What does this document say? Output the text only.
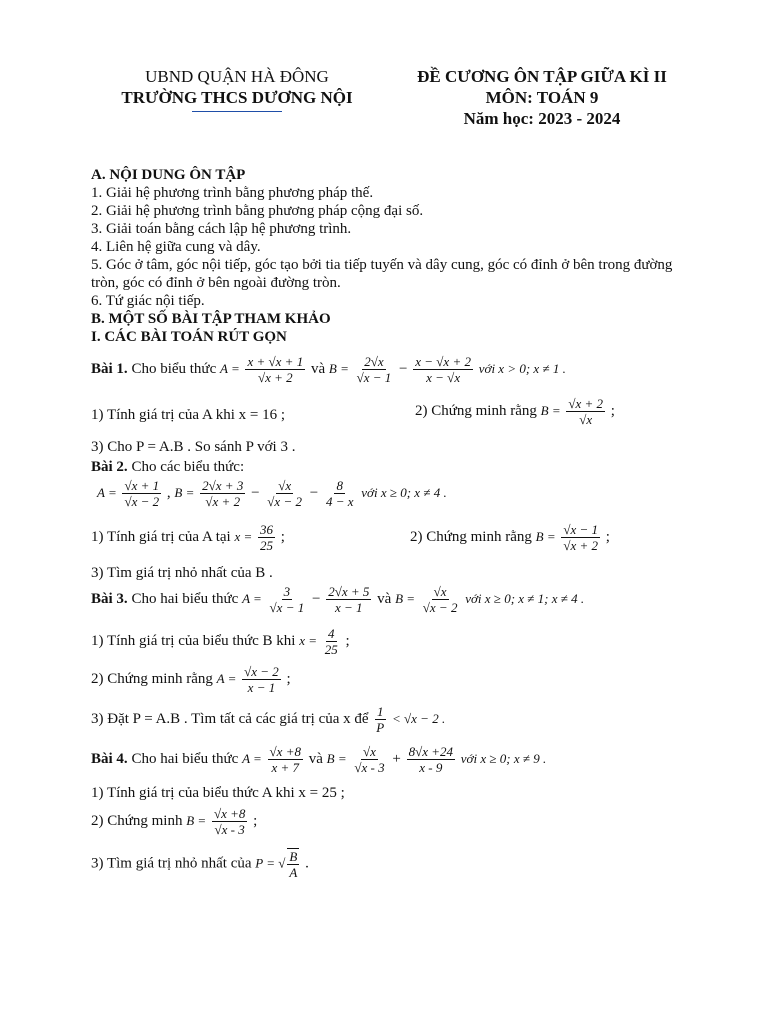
UBND QUẬN HÀ ĐÔNG
TRƯỜNG THCS DƯƠNG NỘI
ĐỀ CƯƠNG ÔN TẬP GIỮA KÌ II
MÔN: TOÁN 9
Năm học: 2023 - 2024
A. NỘI DUNG ÔN TẬP
1. Giải hệ phương trình bằng phương pháp thế.
2. Giải hệ phương trình bằng phương pháp cộng đại số.
3. Giải toán bằng cách lập hệ phương trình.
4. Liên hệ giữa cung và dây.
5. Góc ở tâm, góc nội tiếp, góc tạo bởi tia tiếp tuyến và dây cung, góc có đỉnh ở bên trong đường tròn, góc có đỉnh ở bên ngoài đường tròn.
6. Tứ giác nội tiếp.
B. MỘT SỐ BÀI TẬP THAM KHẢO
I. CÁC BÀI TOÁN RÚT GỌN
Bài 1. Cho biểu thức $A = \frac{x + √x + 1}{√x + 2}$ và $B = \frac{2√x}{√x - 1} - \frac{x - √x + 2}{x - √x}$ với x > 0; x ≠ 1 .
1) Tính giá trị của A khi x = 16 ;	2) Chứng minh rằng $B = \frac{√x + 2}{√x}$ ;
3) Cho P = A.B . So sánh P với 3 .
Bài 2. Cho các biểu thức:
$A = \frac{√x + 1}{√x - 2}$ , $B = \frac{2√x + 3}{√x + 2} - \frac{√x}{√x - 2} - \frac{8}{4 - x}$ với x ≥ 0; x ≠ 4 .
1) Tính giá trị của A tại $x = \frac{36}{25}$ ;	2) Chứng minh rằng $B = \frac{√x - 1}{√x + 2}$ ;
3) Tìm giá trị nhỏ nhất của B .
Bài 3. Cho hai biểu thức $A = \frac{3}{√x - 1} - \frac{2√x + 5}{x - 1}$ và $B = \frac{√x}{√x - 2}$ với x ≥ 0; x ≠ 1; x ≠ 4 .
1) Tính giá trị của biểu thức B khi $x = \frac{4}{25}$ ;
2) Chứng minh rằng $A = \frac{√x - 2}{x - 1}$ ;
3) Đặt P = A.B . Tìm tất cả các giá trị của x để $\frac{1}{P} < √x - 2$ .
Bài 4. Cho hai biểu thức $A = \frac{√x +8}{x + 7}$ và $B = \frac{√x}{√x - 3} + \frac{8√x +24}{x - 9}$ với x ≥ 0; x ≠ 9 .
1) Tính giá trị của biểu thức A khi x = 25 ;
2) Chứng minh $B = \frac{√x +8}{√x - 3}$ ;
3) Tìm giá trị nhỏ nhất của P = √ $\frac{B}{A}$ .
